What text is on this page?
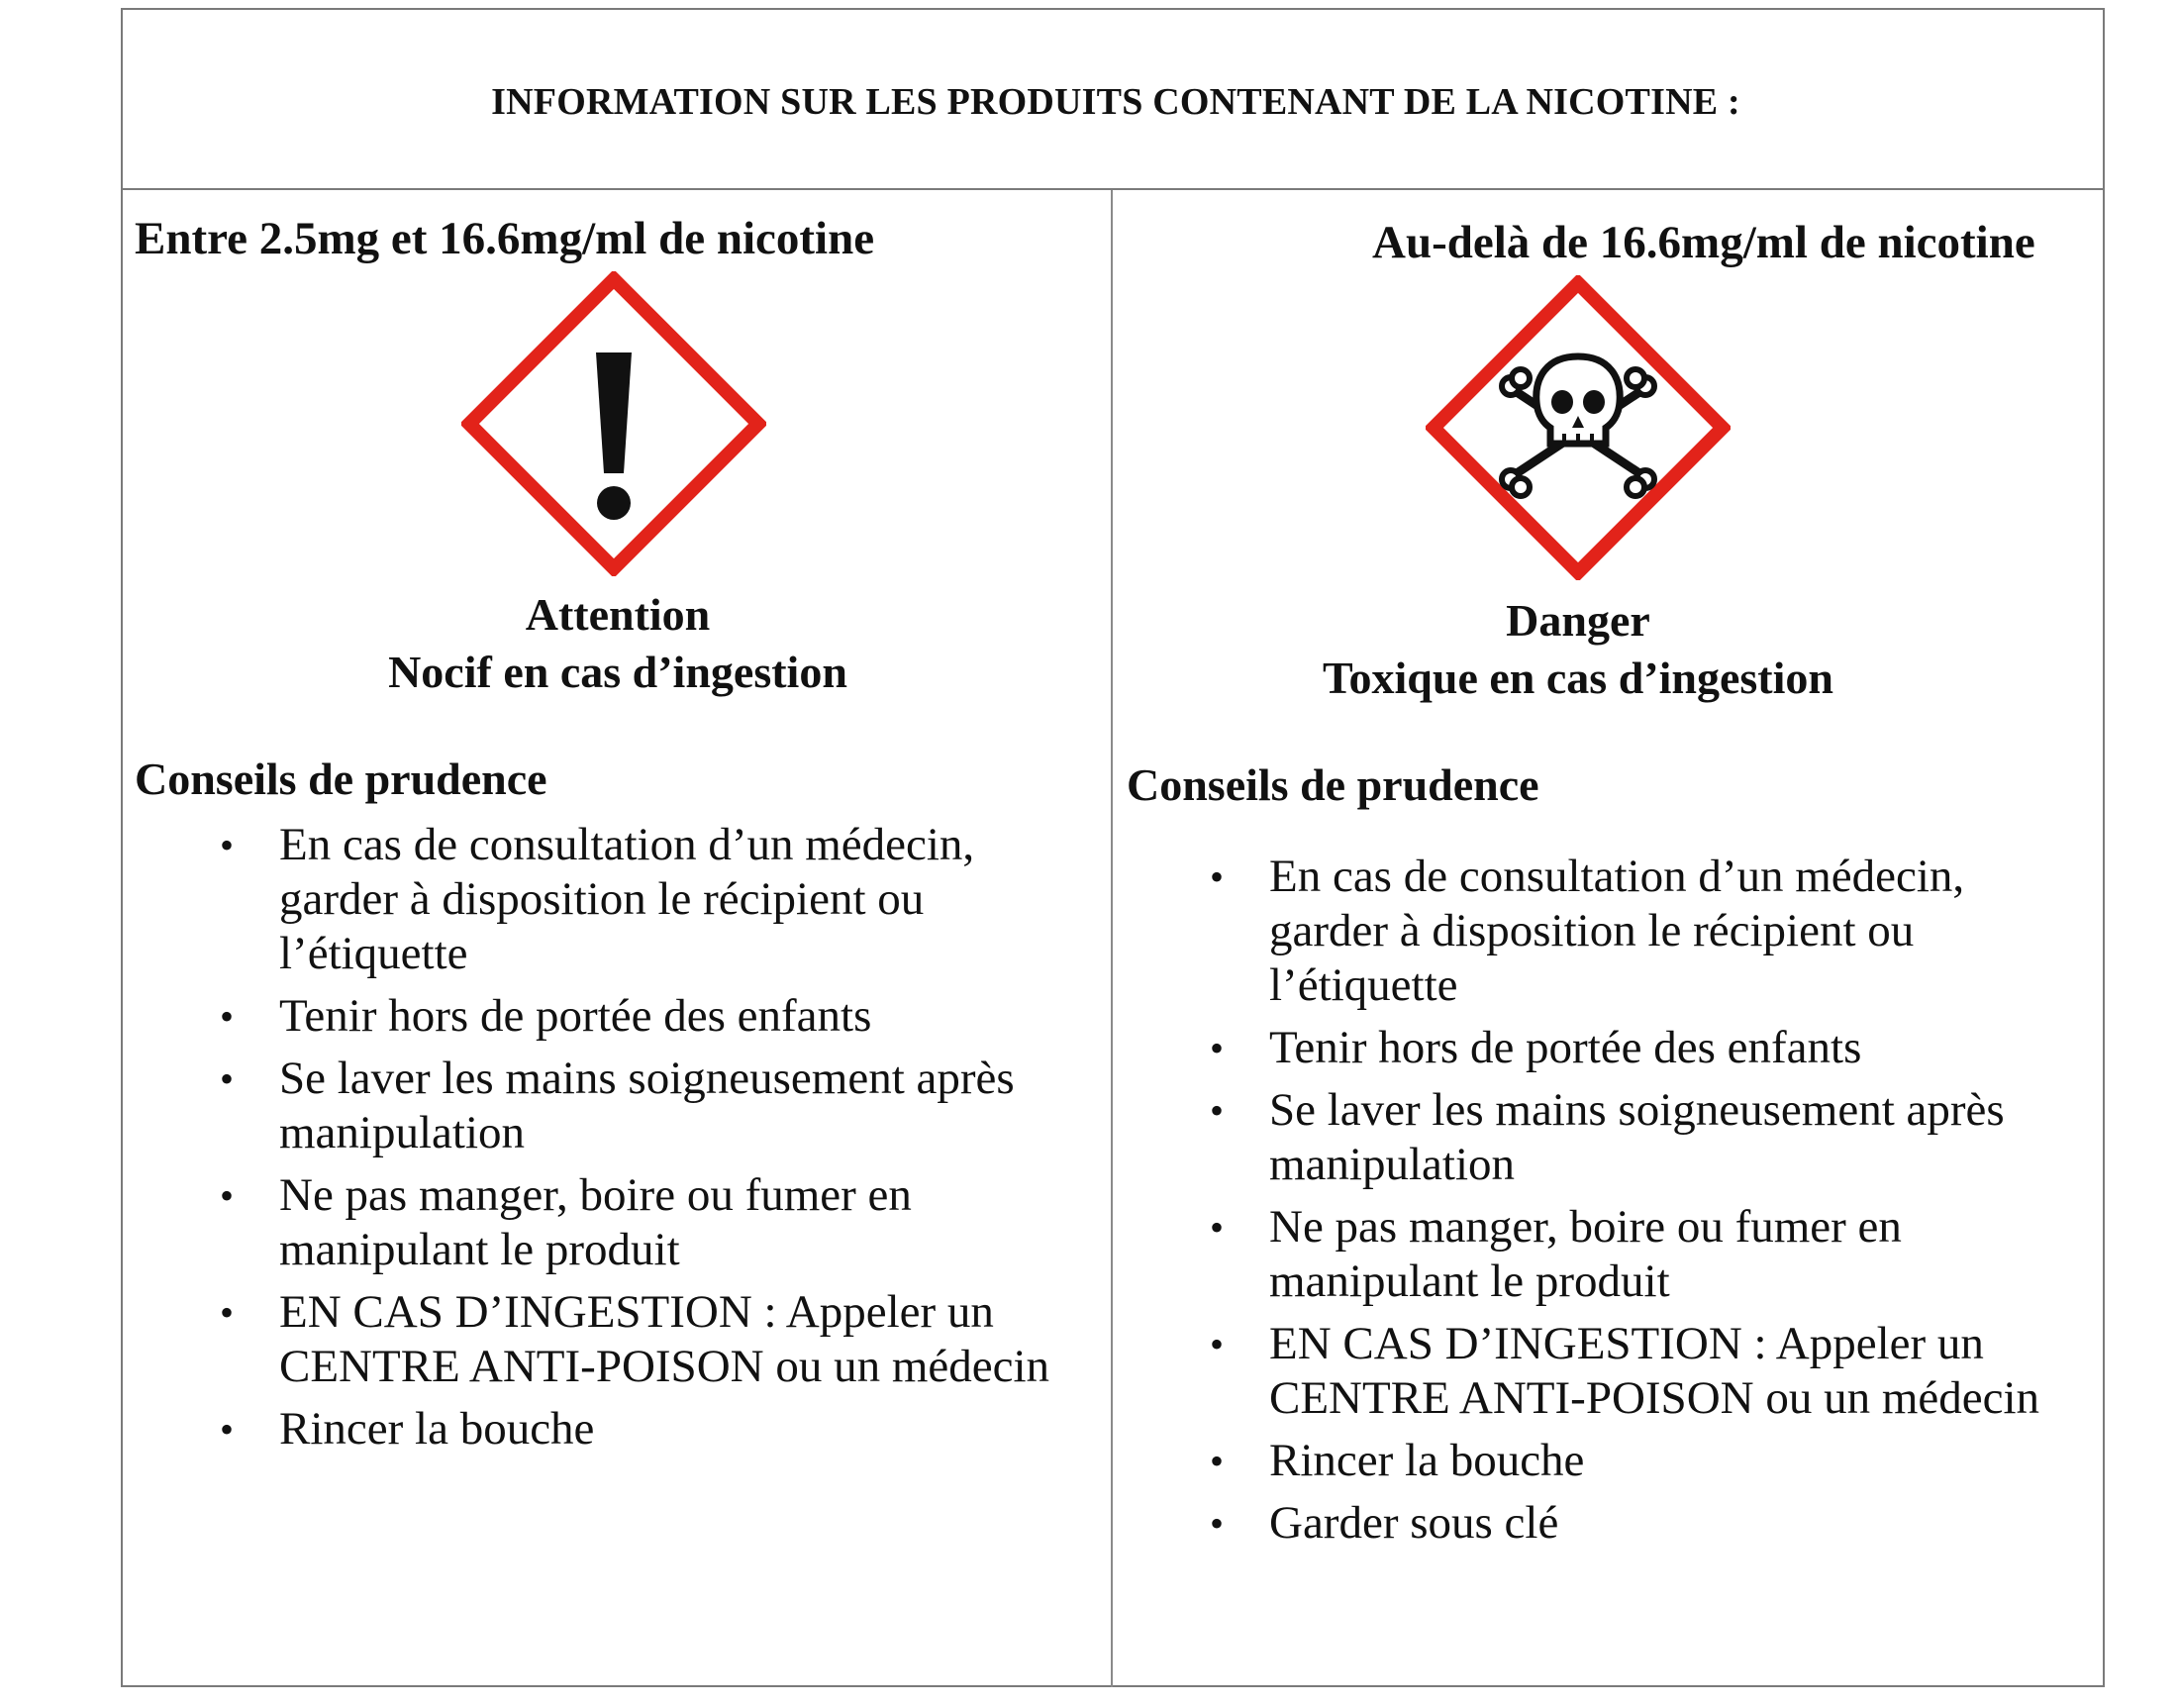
INFORMATION SUR LES PRODUITS CONTENANT DE LA NICOTINE :
Entre 2.5mg et 16.6mg/ml de nicotine
Attention
Nocif en cas d’ingestion
Conseils de prudence
• En cas de consultation d’un médecin, garder à disposition le récipient ou l’étiquette
• Tenir hors de portée des enfants
• Se laver les mains soigneusement après manipulation
• Ne pas manger, boire ou fumer en manipulant le produit
• EN CAS D’INGESTION : Appeler un CENTRE ANTI-POISON ou un médecin
• Rincer la bouche
Au-delà de 16.6mg/ml de nicotine
Danger
Toxique en cas d’ingestion
Conseils de prudence
• En cas de consultation d’un médecin, garder à disposition le récipient ou l’étiquette
• Tenir hors de portée des enfants
• Se laver les mains soigneusement après manipulation
• Ne pas manger, boire ou fumer en manipulant le produit
• EN CAS D’INGESTION : Appeler un CENTRE ANTI-POISON ou un médecin
• Rincer la bouche
• Garder sous clé
